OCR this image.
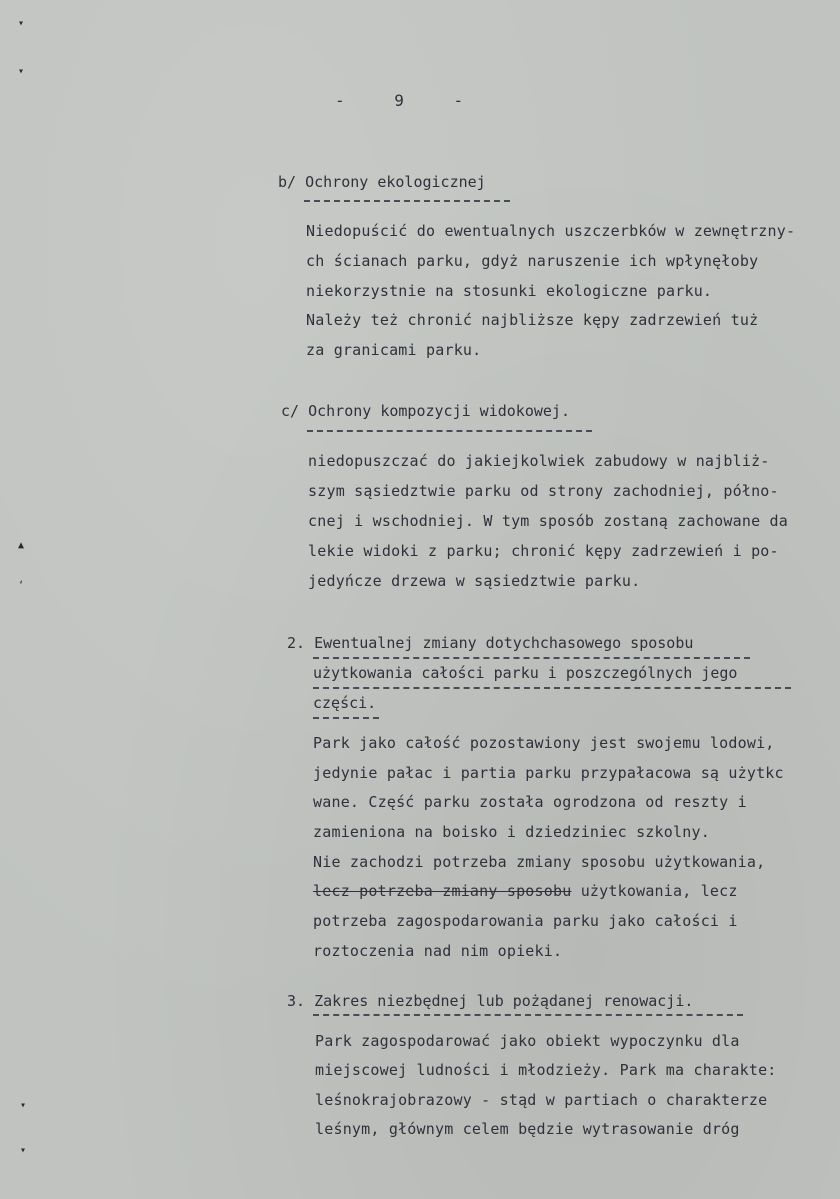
▾
▾
▲
‘
▾
▾
- 9 -
b/ Ochrony ekologicznej
Niedopuścić do ewentualnych uszczerbków w zewnętrzny-
ch ścianach parku, gdyż naruszenie ich wpłynęłoby
niekorzystnie na stosunki ekologiczne parku.
Należy też chronić najbliższe kępy zadrzewień tuż
za granicami parku.
c/ Ochrony kompozycji widokowej.
niedopuszczać do jakiejkolwiek zabudowy w najbliż-
szym sąsiedztwie parku od strony zachodniej, półno-
cnej i wschodniej. W tym sposób zostaną zachowane da
lekie widoki z parku; chronić kępy zadrzewień i po-
jedyńcze drzewa w sąsiedztwie parku.
2. Ewentualnej zmiany dotychchasowego sposobu
użytkowania całości parku i poszczególnych jego
części.
Park jako całość pozostawiony jest swojemu lodowi,
jedynie pałac i partia parku przypałacowa są użytkc
wane. Część parku została ogrodzona od reszty i
zamieniona na boisko i dziedziniec szkolny.
Nie zachodzi potrzeba zmiany sposobu użytkowania,
lecz potrzeba zmiany sposobu użytkowania, lecz
potrzeba zagospodarowania parku jako całości i
roztoczenia nad nim opieki.
3. Zakres niezbędnej lub pożądanej renowacji.
Park zagospodarować jako obiekt wypoczynku dla
miejscowej ludności i młodzieży. Park ma charakte:
leśnokrajobrazowy - stąd w partiach o charakterze
leśnym, głównym celem będzie wytrasowanie dróg
